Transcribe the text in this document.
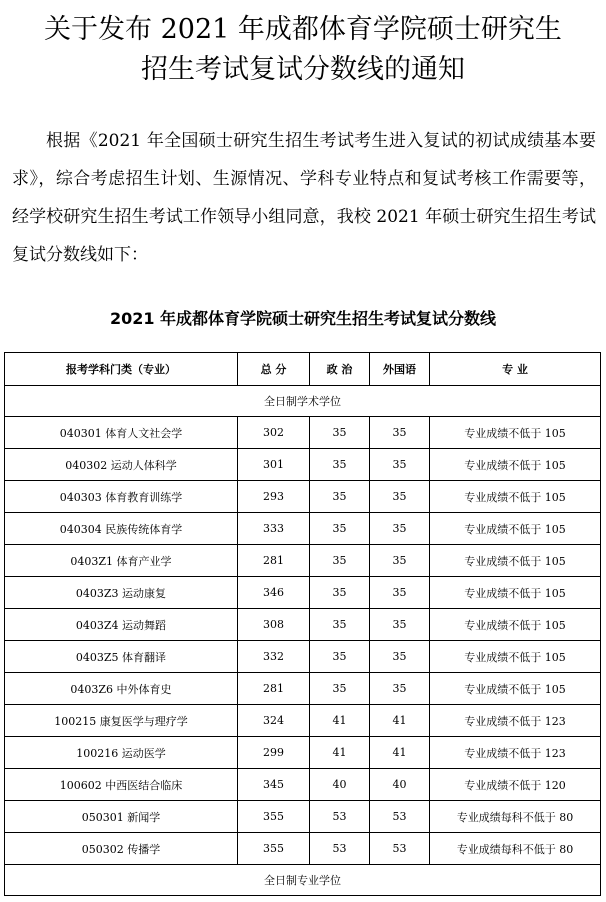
关于发布 2021 年成都体育学院硕士研究生
招生考试复试分数线的通知
根据《2021 年全国硕士研究生招生考试考生进入复试的初试成绩基本要求》，综合考虑招生计划、生源情况、学科专业特点和复试考核工作需要等，经学校研究生招生考试工作领导小组同意，我校 2021 年硕士研究生招生考试复试分数线如下：
2021 年成都体育学院硕士研究生招生考试复试分数线
报考学科门类（专业）	总 分	政 治	外国语	专 业
全日制学术学位				
040301 体育人文社会学	302	35	35	专业成绩不低于 105
040302 运动人体科学	301	35	35	专业成绩不低于 105
040303 体育教育训练学	293	35	35	专业成绩不低于 105
040304 民族传统体育学	333	35	35	专业成绩不低于 105
0403Z1 体育产业学	281	35	35	专业成绩不低于 105
0403Z3 运动康复	346	35	35	专业成绩不低于 105
0403Z4 运动舞蹈	308	35	35	专业成绩不低于 105
0403Z5 体育翻译	332	35	35	专业成绩不低于 105
0403Z6 中外体育史	281	35	35	专业成绩不低于 105
100215 康复医学与理疗学	324	41	41	专业成绩不低于 123
100216 运动医学	299	41	41	专业成绩不低于 123
100602 中西医结合临床	345	40	40	专业成绩不低于 120
050301 新闻学	355	53	53	专业成绩每科不低于 80
050302 传播学	355	53	53	专业成绩每科不低于 80
全日制专业学位				
